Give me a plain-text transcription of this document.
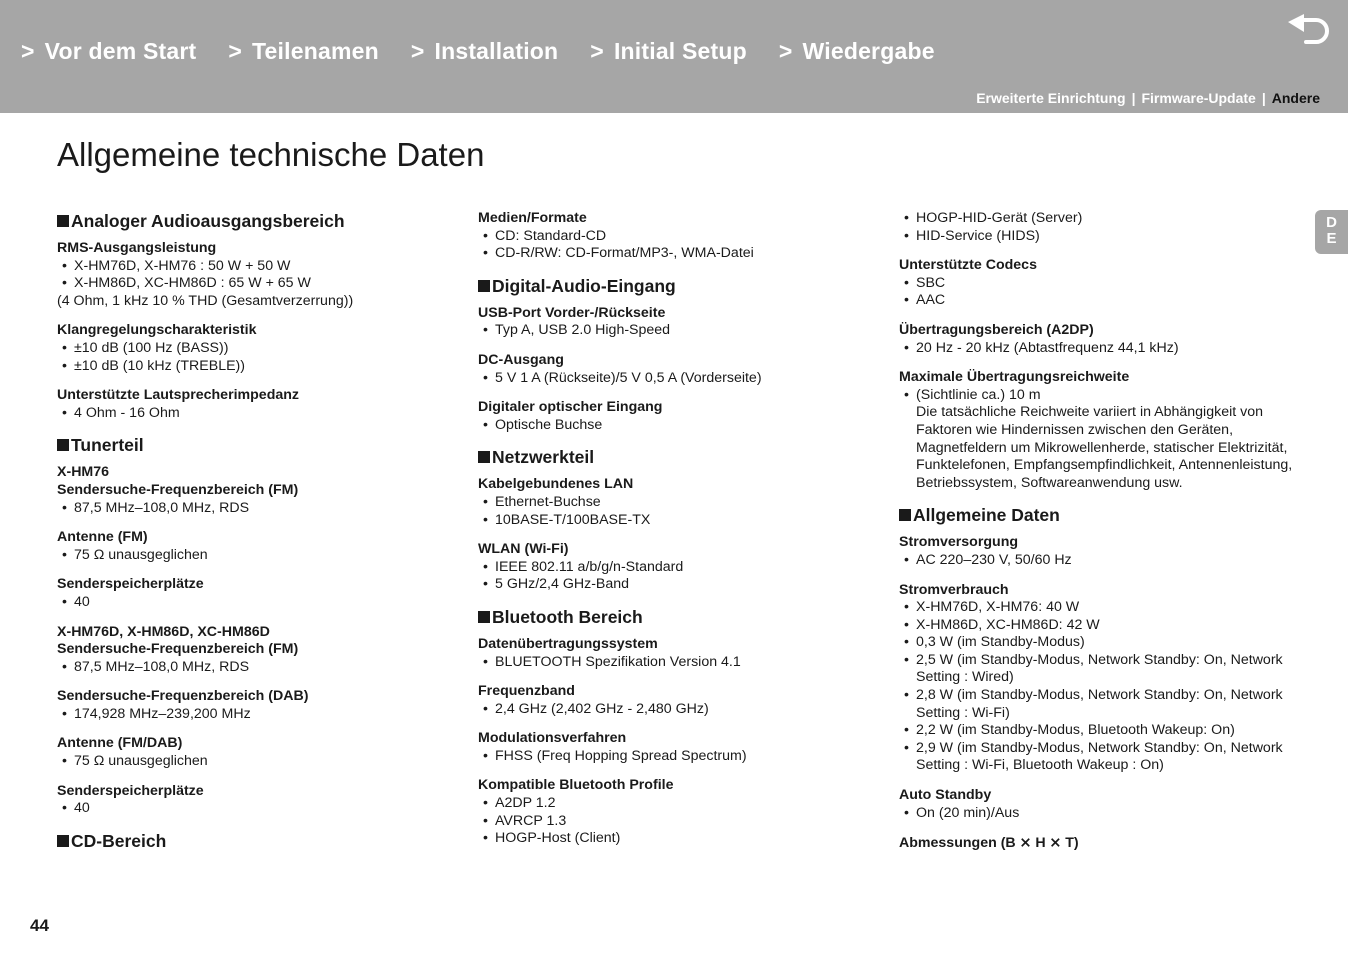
> Vor dem Start > Teilenamen > Installation > Initial Setup > Wiedergabe
Erweiterte Einrichtung | Firmware-Update | Andere
Allgemeine technische Daten
D
E
Analoger Audioausgangsbereich
RMS-Ausgangsleistung
• X-HM76D, X-HM76 : 50 W + 50 W
• X-HM86D, XC-HM86D : 65 W + 65 W
(4 Ohm, 1 kHz 10 % THD (Gesamtverzerrung))
Klangregelungscharakteristik
• ±10 dB (100 Hz (BASS))
• ±10 dB (10 kHz (TREBLE))
Unterstützte Lautsprecherimpedanz
• 4 Ohm - 16 Ohm
Tunerteil
X-HM76
Sendersuche-Frequenzbereich (FM)
• 87,5 MHz–108,0 MHz, RDS
Antenne (FM)
• 75 Ω unausgeglichen
Senderspeicherplätze
• 40
X-HM76D, X-HM86D, XC-HM86D
Sendersuche-Frequenzbereich (FM)
• 87,5 MHz–108,0 MHz, RDS
Sendersuche-Frequenzbereich (DAB)
• 174,928 MHz–239,200 MHz
Antenne (FM/DAB)
• 75 Ω unausgeglichen
Senderspeicherplätze
• 40
CD-Bereich
Medien/Formate
• CD: Standard-CD
• CD-R/RW: CD-Format/MP3-, WMA-Datei
Digital-Audio-Eingang
USB-Port Vorder-/Rückseite
• Typ A, USB 2.0 High-Speed
DC-Ausgang
• 5 V 1 A (Rückseite)/5 V 0,5 A (Vorderseite)
Digitaler optischer Eingang
• Optische Buchse
Netzwerkteil
Kabelgebundenes LAN
• Ethernet-Buchse
• 10BASE-T/100BASE-TX
WLAN (Wi-Fi)
• IEEE 802.11 a/b/g/n-Standard
• 5 GHz/2,4 GHz-Band
Bluetooth Bereich
Datenübertragungssystem
• BLUETOOTH Spezifikation Version 4.1
Frequenzband
• 2,4 GHz (2,402 GHz - 2,480 GHz)
Modulationsverfahren
• FHSS (Freq Hopping Spread Spectrum)
Kompatible Bluetooth Profile
• A2DP 1.2
• AVRCP 1.3
• HOGP-Host (Client)
• HOGP-HID-Gerät (Server)
• HID-Service (HIDS)
Unterstützte Codecs
• SBC
• AAC
Übertragungsbereich (A2DP)
• 20 Hz - 20 kHz (Abtastfrequenz 44,1 kHz)
Maximale Übertragungsreichweite
• (Sichtlinie ca.) 10 m
Die tatsächliche Reichweite variiert in Abhängigkeit von Faktoren wie Hindernissen zwischen den Geräten, Magnetfeldern um Mikrowellenherde, statischer Elektrizität, Funktelefonen, Empfangsempfindlichkeit, Antennenleistung, Betriebssystem, Softwareanwendung usw.
Allgemeine Daten
Stromversorgung
• AC 220–230 V, 50/60 Hz
Stromverbrauch
• X-HM76D, X-HM76: 40 W
• X-HM86D, XC-HM86D: 42 W
• 0,3 W (im Standby-Modus)
• 2,5 W (im Standby-Modus, Network Standby: On, Network Setting : Wired)
• 2,8 W (im Standby-Modus, Network Standby: On, Network Setting : Wi-Fi)
• 2,2 W (im Standby-Modus, Bluetooth Wakeup: On)
• 2,9 W (im Standby-Modus, Network Standby: On, Network Setting : Wi-Fi, Bluetooth Wakeup : On)
Auto Standby
• On (20 min)/Aus
Abmessungen (B ⨯ H ⨯ T)
44
